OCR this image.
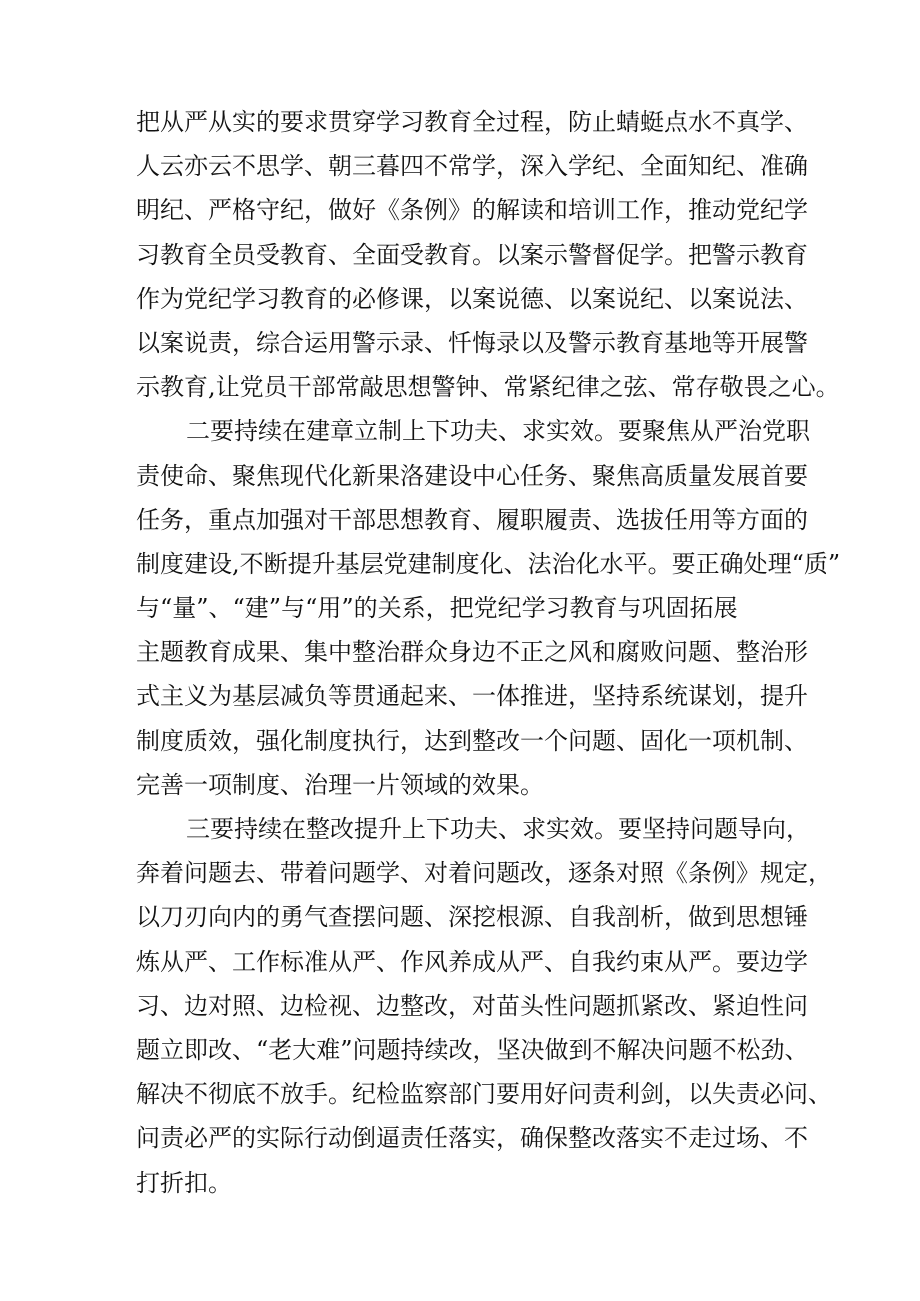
把从严从实的要求贯穿学习教育全过程，防止蜻蜓点水不真学、
人云亦云不思学、朝三暮四不常学，深入学纪、全面知纪、准确
明纪、严格守纪，做好《条例》的解读和培训工作，推动党纪学
习教育全员受教育、全面受教育。以案示警督促学。把警示教育
作为党纪学习教育的必修课，以案说德、以案说纪、以案说法、
以案说责，综合运用警示录、忏悔录以及警示教育基地等开展警
示教育,让党员干部常敲思想警钟、常紧纪律之弦、常存敬畏之心。
二要持续在建章立制上下功夫、求实效。要聚焦从严治党职
责使命、聚焦现代化新果洛建设中心任务、聚焦高质量发展首要
任务，重点加强对干部思想教育、履职履责、选拔任用等方面的
制度建设,不断提升基层党建制度化、法治化水平。要正确处理“质”
与“量”、“建”与“用”的关系，把党纪学习教育与巩固拓展
主题教育成果、集中整治群众身边不正之风和腐败问题、整治形
式主义为基层减负等贯通起来、一体推进，坚持系统谋划，提升
制度质效，强化制度执行，达到整改一个问题、固化一项机制、
完善一项制度、治理一片领域的效果。
三要持续在整改提升上下功夫、求实效。要坚持问题导向，
奔着问题去、带着问题学、对着问题改，逐条对照《条例》规定，
以刀刃向内的勇气查摆问题、深挖根源、自我剖析，做到思想锤
炼从严、工作标准从严、作风养成从严、自我约束从严。要边学
习、边对照、边检视、边整改，对苗头性问题抓紧改、紧迫性问
题立即改、“老大难”问题持续改，坚决做到不解决问题不松劲、
解决不彻底不放手。纪检监察部门要用好问责利剑，以失责必问、
问责必严的实际行动倒逼责任落实，确保整改落实不走过场、不
打折扣。
